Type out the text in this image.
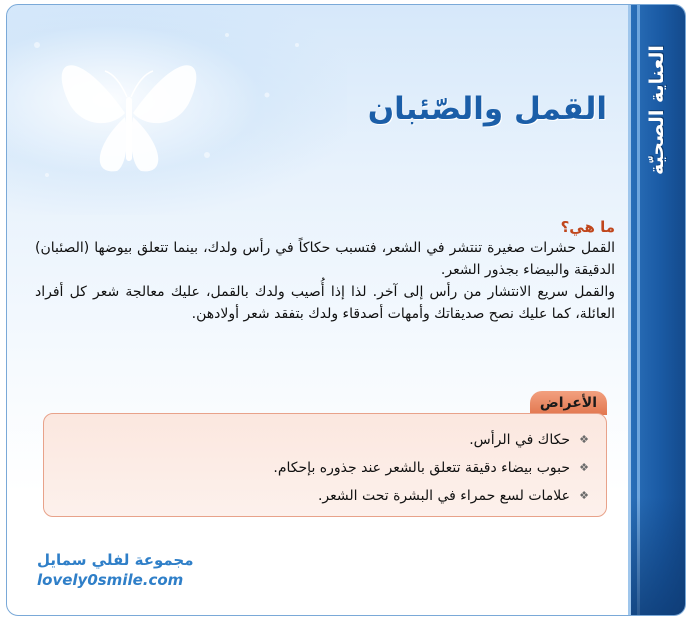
العناية الصحيّة
القمل والصّئبان
ما هي؟

القمل حشرات صغيرة تنتشر في الشعر، فتسبب حكاكاً في رأس ولدك، بينما تتعلق بيوضها (الصئبان) الدقيقة والبيضاء بجذور الشعر.

والقمل سريع الانتشار من رأس إلى آخر. لذا إذا أُصيب ولدك بالقمل، عليك معالجة شعر كل أفراد العائلة، كما عليك نصح صديقاتك وأمهات أصدقاء ولدك بتفقد شعر أولادهن.

الأعراض
❖
حكاك في الرأس.
❖
حبوب بيضاء دقيقة تتعلق بالشعر عند جذوره بإحكام.
❖
علامات لسع حمراء في البشرة تحت الشعر.
مجموعة لفلي سمايل
lovely0smile.com
